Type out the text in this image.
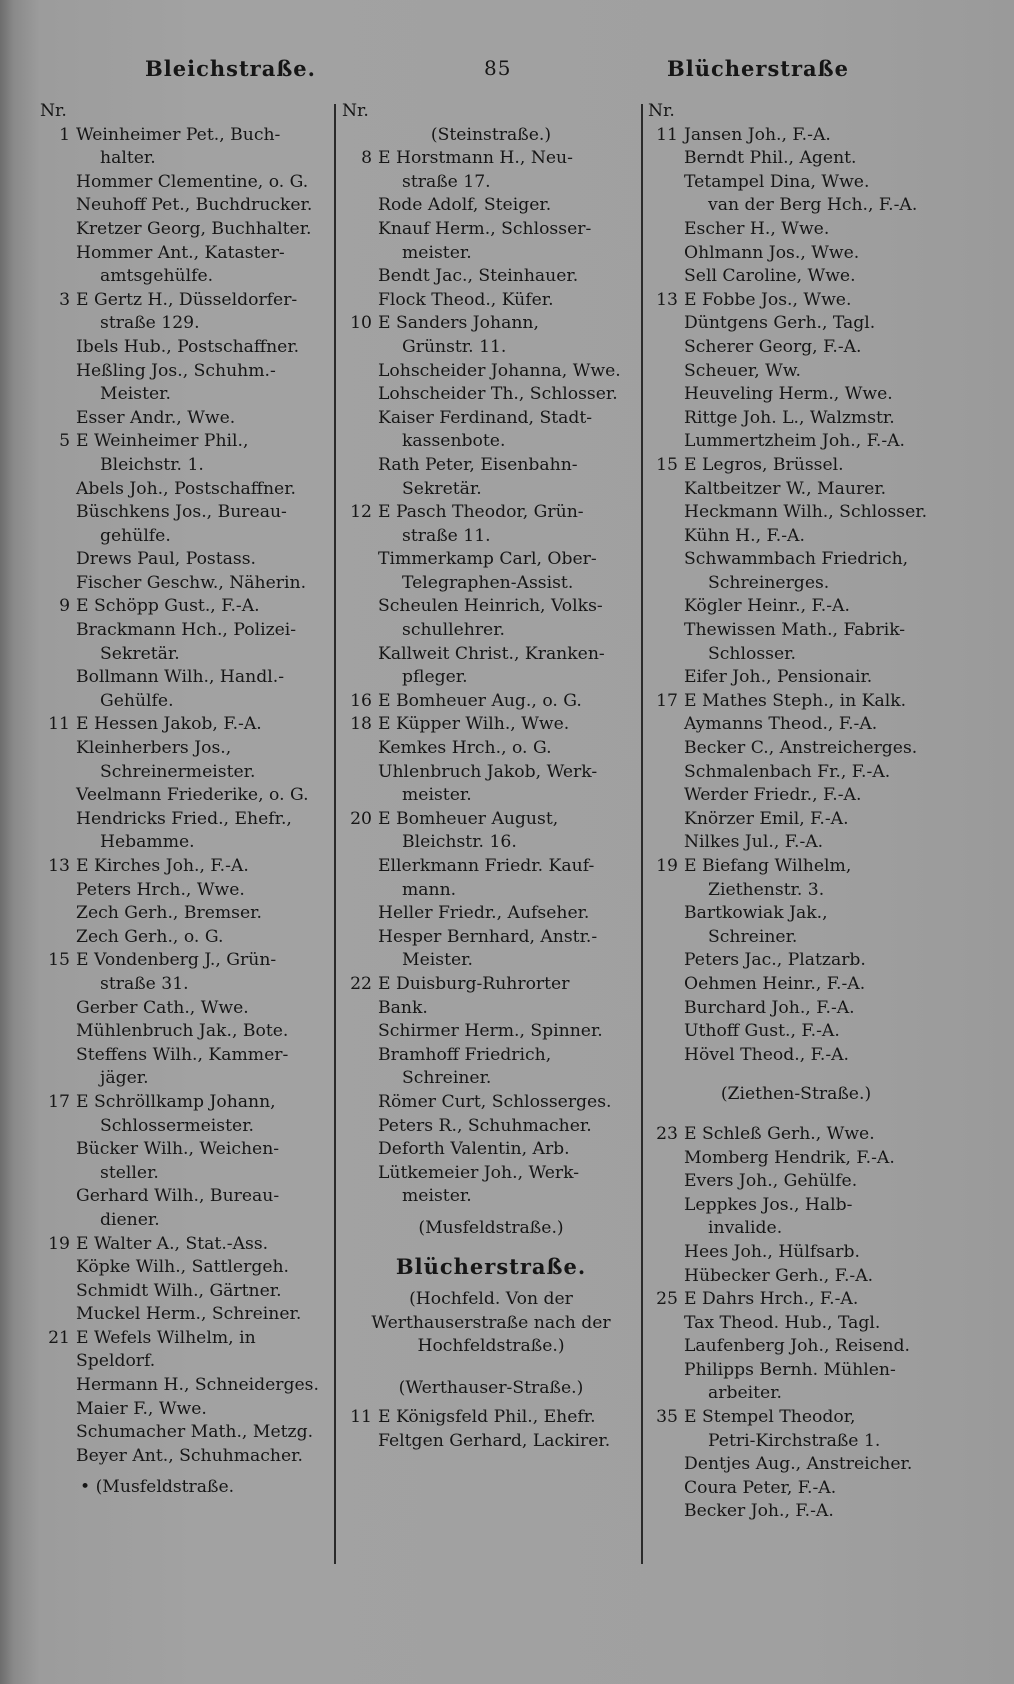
Bleichstraße.	85	Blücherstraße
Nr.
1 Weinheimer Pet., Buch-
halter.
Hommer Clementine, o. G.
Neuhoff Pet., Buchdrucker.
Kretzer Georg, Buchhalter.
Hommer Ant., Kataster-
amtsgehülfe.
3 E Gertz H., Düsseldorfer-
straße 129.
Ibels Hub., Postschaffner.
Heßling Jos., Schuhm.-
Meister.
Esser Andr., Wwe.
5 E Weinheimer Phil.,
Bleichstr. 1.
Abels Joh., Postschaffner.
Büschkens Jos., Bureau-
gehülfe.
Drews Paul, Postass.
Fischer Geschw., Näherin.
9 E Schöpp Gust., F.-A.
Brackmann Hch., Polizei-
Sekretär.
Bollmann Wilh., Handl.-
Gehülfe.
11 E Hessen Jakob, F.-A.
Kleinherbers Jos.,
Schreinermeister.
Veelmann Friederike, o. G.
Hendricks Fried., Ehefr.,
Hebamme.
13 E Kirches Joh., F.-A.
Peters Hrch., Wwe.
Zech Gerh., Bremser.
Zech Gerh., o. G.
15 E Vondenberg J., Grün-
straße 31.
Gerber Cath., Wwe.
Mühlenbruch Jak., Bote.
Steffens Wilh., Kammer-
jäger.
17 E Schröllkamp Johann,
Schlossermeister.
Bücker Wilh., Weichen-
steller.
Gerhard Wilh., Bureau-
diener.
19 E Walter A., Stat.-Ass.
Köpke Wilh., Sattlergeh.
Schmidt Wilh., Gärtner.
Muckel Herm., Schreiner.
21 E Wefels Wilhelm, in
Speldorf.
Hermann H., Schneiderges.
Maier F., Wwe.
Schumacher Math., Metzg.
Beyer Ant., Schuhmacher.
• (Musfeldstraße.
Nr.
(Steinstraße.)
8 E Horstmann H., Neu-
straße 17.
Rode Adolf, Steiger.
Knauf Herm., Schlosser-
meister.
Bendt Jac., Steinhauer.
Flock Theod., Küfer.
10 E Sanders Johann,
Grünstr. 11.
Lohscheider Johanna, Wwe.
Lohscheider Th., Schlosser.
Kaiser Ferdinand, Stadt-
kassenbote.
Rath Peter, Eisenbahn-
Sekretär.
12 E Pasch Theodor, Grün-
straße 11.
Timmerkamp Carl, Ober-
Telegraphen-Assist.
Scheulen Heinrich, Volks-
schullehrer.
Kallweit Christ., Kranken-
pfleger.
16 E Bomheuer Aug., o. G.
18 E Küpper Wilh., Wwe.
Kemkes Hrch., o. G.
Uhlenbruch Jakob, Werk-
meister.
20 E Bomheuer August,
Bleichstr. 16.
Ellerkmann Friedr. Kauf-
mann.
Heller Friedr., Aufseher.
Hesper Bernhard, Anstr.-
Meister.
22 E Duisburg-Ruhrorter
Bank.
Schirmer Herm., Spinner.
Bramhoff Friedrich,
Schreiner.
Römer Curt, Schlosserges.
Peters R., Schuhmacher.
Deforth Valentin, Arb.
Lütkemeier Joh., Werk-
meister.
(Musfeldstraße.)
Blücherstraße.
(Hochfeld. Von der
Werthauserstraße nach der
Hochfeldstraße.)
(Werthauser-Straße.)
11 E Königsfeld Phil., Ehefr.
Feltgen Gerhard, Lackirer.
Nr.
11 Jansen Joh., F.-A.
Berndt Phil., Agent.
Tetampel Dina, Wwe.
van der Berg Hch., F.-A.
Escher H., Wwe.
Ohlmann Jos., Wwe.
Sell Caroline, Wwe.
13 E Fobbe Jos., Wwe.
Düntgens Gerh., Tagl.
Scherer Georg, F.-A.
Scheuer, Ww.
Heuveling Herm., Wwe.
Rittge Joh. L., Walzmstr.
Lummertzheim Joh., F.-A.
15 E Legros, Brüssel.
Kaltbeitzer W., Maurer.
Heckmann Wilh., Schlosser.
Kühn H., F.-A.
Schwammbach Friedrich,
Schreinerges.
Kögler Heinr., F.-A.
Thewissen Math., Fabrik-
Schlosser.
Eifer Joh., Pensionair.
17 E Mathes Steph., in Kalk.
Aymanns Theod., F.-A.
Becker C., Anstreicherges.
Schmalenbach Fr., F.-A.
Werder Friedr., F.-A.
Knörzer Emil, F.-A.
Nilkes Jul., F.-A.
19 E Biefang Wilhelm,
Ziethenstr. 3.
Bartkowiak Jak.,
Schreiner.
Peters Jac., Platzarb.
Oehmen Heinr., F.-A.
Burchard Joh., F.-A.
Uthoff Gust., F.-A.
Hövel Theod., F.-A.
(Ziethen-Straße.)
23 E Schleß Gerh., Wwe.
Momberg Hendrik, F.-A.
Evers Joh., Gehülfe.
Leppkes Jos., Halb-
invalide.
Hees Joh., Hülfsarb.
Hübecker Gerh., F.-A.
25 E Dahrs Hrch., F.-A.
Tax Theod. Hub., Tagl.
Laufenberg Joh., Reisend.
Philipps Bernh. Mühlen-
arbeiter.
35 E Stempel Theodor,
Petri-Kirchstraße 1.
Dentjes Aug., Anstreicher.
Coura Peter, F.-A.
Becker Joh., F.-A.
